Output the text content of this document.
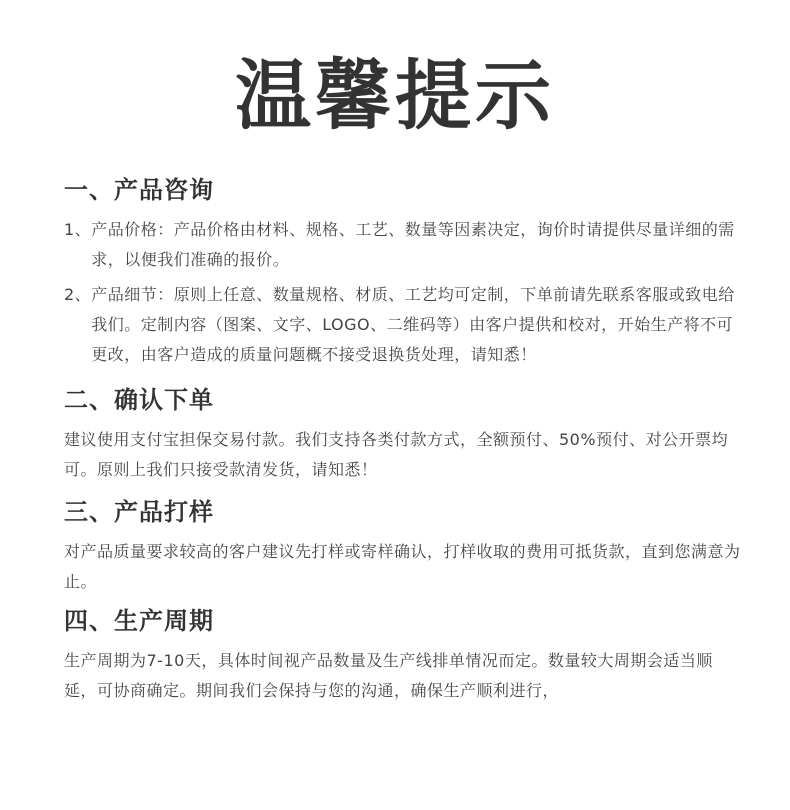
温馨提示
一、产品咨询
1、 产品价格：产品价格由材料、规格、工艺、数量等因素决定，询价时请提供尽量详细的需求，以便我们准确的报价。
2、 产品细节：原则上任意、数量规格、材质、工艺均可定制，下单前请先联系客服或致电给我们。定制内容（图案、文字、LOGO、二维码等）由客户提供和校对，开始生产将不可更改，由客户造成的质量问题概不接受退换货处理，请知悉！
二、确认下单

建议使用支付宝担保交易付款。我们支持各类付款方式，全额预付、50%预付、对公开票均可。原则上我们只接受款清发货，请知悉！

三、产品打样

对产品质量要求较高的客户建议先打样或寄样确认，打样收取的费用可抵货款，直到您满意为止。

四、生产周期

生产周期为7-10天，具体时间视产品数量及生产线排单情况而定。数量较大周期会适当顺延，可协商确定。期间我们会保持与您的沟通，确保生产顺利进行，
